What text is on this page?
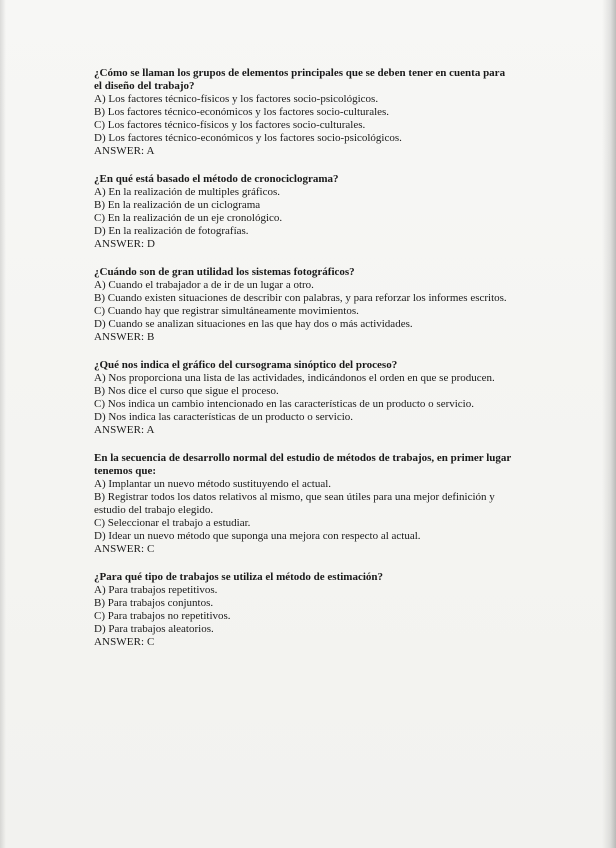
¿Cómo se llaman los grupos de elementos principales que se deben tener en cuenta para el diseño del trabajo?

A) Los factores técnico-físicos y los factores socio-psicológicos.

B) Los factores técnico-económicos y los factores socio-culturales.

C) Los factores técnico-físicos y los factores socio-culturales.

D) Los factores técnico-económicos y los factores socio-psicológicos.

ANSWER: A

¿En qué está basado el método de cronociclograma?

A) En la realización de multiples gráficos.

B) En la realización de un ciclograma

C) En la realización de un eje cronológico.

D) En la realización de fotografías.

ANSWER: D

¿Cuándo son de gran utilidad los sistemas fotográficos?

A) Cuando el trabajador a de ir de un lugar a otro.

B) Cuando existen situaciones de describir con palabras, y para reforzar los informes escritos.

C) Cuando hay que registrar simultáneamente movimientos.

D) Cuando se analizan situaciones en las que hay dos o más actividades.

ANSWER: B

¿Qué nos indica el gráfico del cursograma sinóptico del proceso?

A) Nos proporciona una lista de las actividades, indicándonos el orden en que se producen.

B) Nos dice el curso que sigue el proceso.

C) Nos indica un cambio intencionado en las características de un producto o servicio.

D) Nos indica las características de un producto o servicio.

ANSWER: A

En la secuencia de desarrollo normal del estudio de métodos de trabajos, en primer lugar tenemos que:

A) Implantar un nuevo método sustituyendo el actual.

B) Registrar todos los datos relativos al mismo, que sean útiles para una mejor definición y estudio del trabajo elegido.

C) Seleccionar el trabajo a estudiar.

D) Idear un nuevo método que suponga una mejora con respecto al actual.

ANSWER: C

¿Para qué tipo de trabajos se utiliza el método de estimación?

A) Para trabajos repetitivos.

B) Para trabajos conjuntos.

C) Para trabajos no repetitivos.

D) Para trabajos aleatorios.

ANSWER: C
